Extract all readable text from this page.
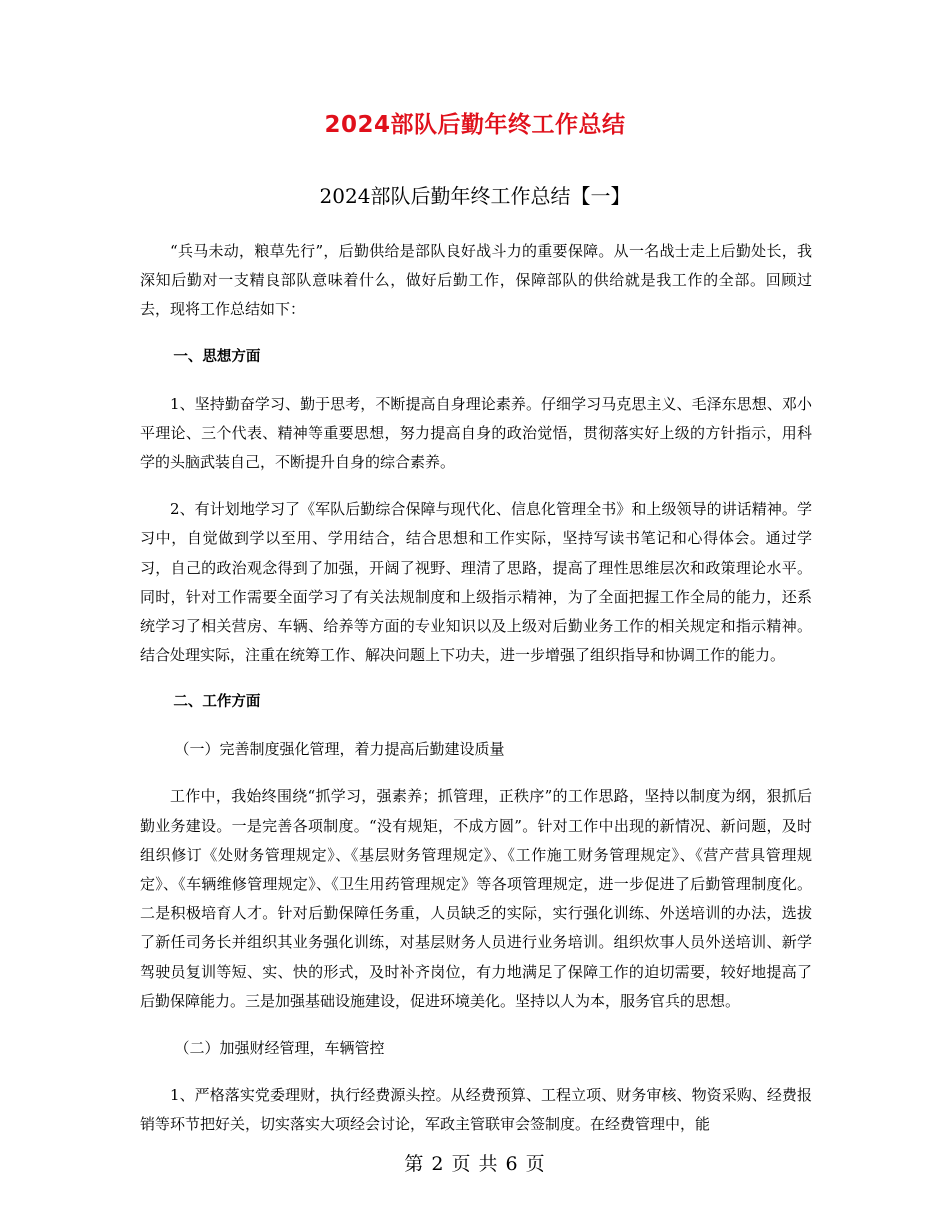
2024部队后勤年终工作总结
2024部队后勤年终工作总结【一】

“兵马未动，粮草先行”，后勤供给是部队良好战斗力的重要保障。从一名战士走上后勤处长，我深知后勤对一支精良部队意味着什么，做好后勤工作，保障部队的供给就是我工作的全部。回顾过去，现将工作总结如下：

一、思想方面

1、坚持勤奋学习、勤于思考，不断提高自身理论素养。仔细学习马克思主义、毛泽东思想、邓小平理论、三个代表、精神等重要思想，努力提高自身的政治觉悟，贯彻落实好上级的方针指示，用科学的头脑武装自己，不断提升自身的综合素养。

2、有计划地学习了《军队后勤综合保障与现代化、信息化管理全书》和上级领导的讲话精神。学习中，自觉做到学以至用、学用结合，结合思想和工作实际，坚持写读书笔记和心得体会。通过学习，自己的政治观念得到了加强，开阔了视野、理清了思路，提高了理性思维层次和政策理论水平。同时，针对工作需要全面学习了有关法规制度和上级指示精神，为了全面把握工作全局的能力，还系统学习了相关营房、车辆、给养等方面的专业知识以及上级对后勤业务工作的相关规定和指示精神。结合处理实际，注重在统筹工作、解决问题上下功夫，进一步增强了组织指导和协调工作的能力。

二、工作方面

（一）完善制度强化管理，着力提高后勤建设质量

工作中，我始终围绕“抓学习，强素养；抓管理，正秩序”的工作思路，坚持以制度为纲，狠抓后勤业务建设。一是完善各项制度。“没有规矩，不成方圆”。针对工作中出现的新情况、新问题，及时组织修订《处财务管理规定》、《基层财务管理规定》、《工作施工财务管理规定》、《营产营具管理规定》、《车辆维修管理规定》、《卫生用药管理规定》等各项管理规定，进一步促进了后勤管理制度化。二是积极培育人才。针对后勤保障任务重，人员缺乏的实际，实行强化训练、外送培训的办法，选拔了新任司务长并组织其业务强化训练，对基层财务人员进行业务培训。组织炊事人员外送培训、新学驾驶员复训等短、实、快的形式，及时补齐岗位，有力地满足了保障工作的迫切需要，较好地提高了后勤保障能力。三是加强基础设施建设，促进环境美化。坚持以人为本，服务官兵的思想。

（二）加强财经管理，车辆管控

1、严格落实党委理财，执行经费源头控。从经费预算、工程立项、财务审核、物资采购、经费报销等环节把好关，切实落实大项经会讨论，军政主管联审会签制度。在经费管理中，能

第 2 页 共 6 页
